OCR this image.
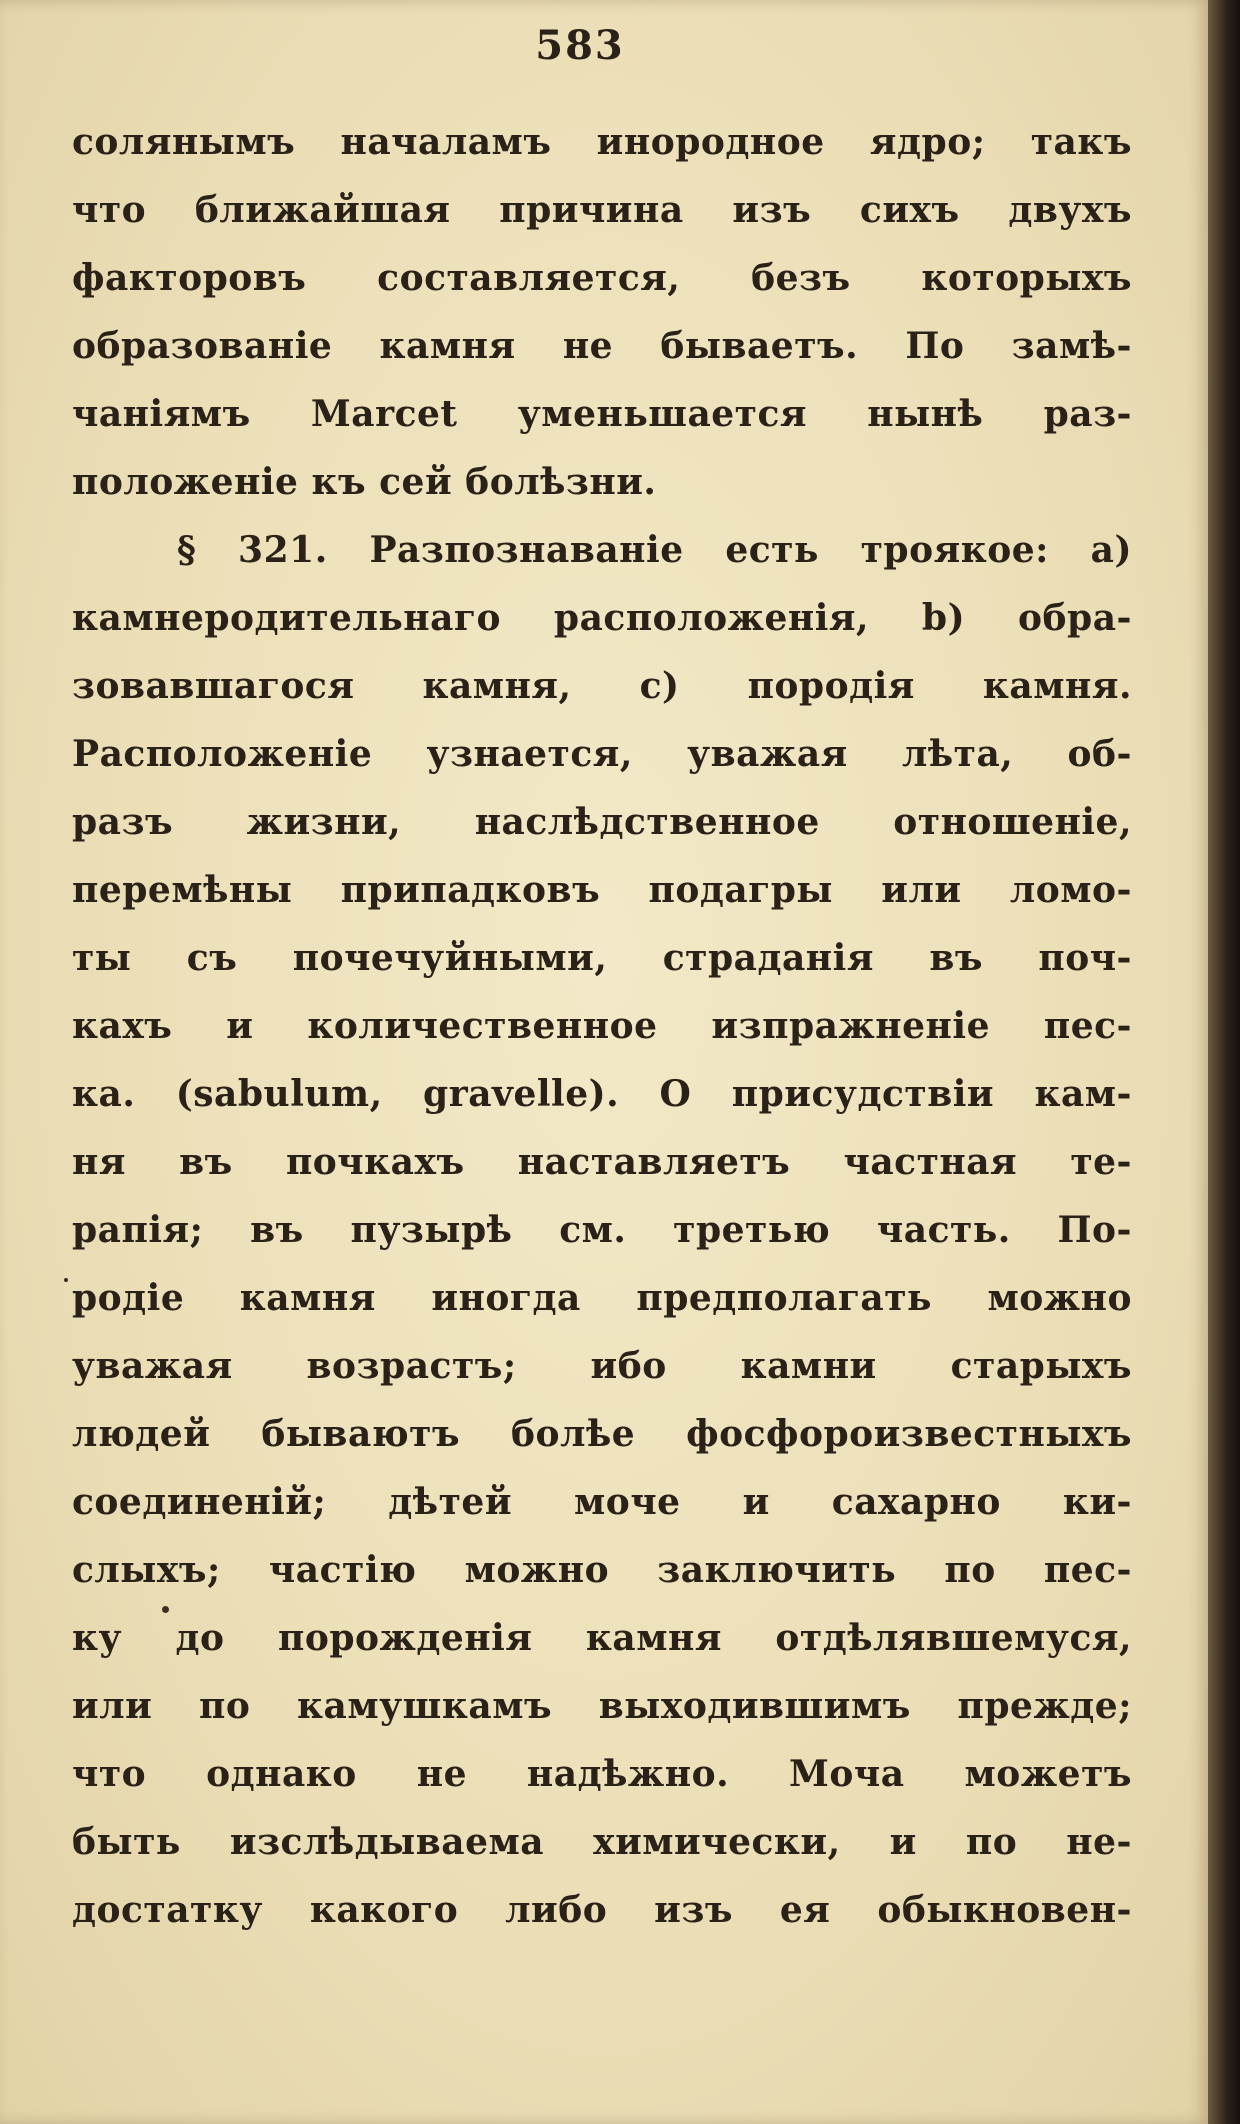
583
солянымъ началамъ инородное ядро; такъ
что ближайшая причина изъ сихъ двухъ
факторовъ составляется, безъ которыхъ
образованіе камня не бываетъ. По замѣ-
чаніямъ Marcet уменьшается нынѣ раз-
положеніе къ сей болѣзни.
§ 321. Разпознаваніе есть троякое: a)
камнеродительнаго расположенія, b) обра-
зовавшагося камня, c) породія камня.
Расположеніе узнается, уважая лѣта, об-
разъ жизни, наслѣдственное отношеніе,
перемѣны припадковъ подагры или ломо-
ты съ почечуйными, страданія въ поч-
кахъ и количественное изпражненіе пес-
ка. (sabulum, gravelle). О присудствіи кам-
ня въ почкахъ наставляетъ частная те-
рапія; въ пузырѣ см. третью часть. По-
родіе камня иногда предполагать можно
уважая возрастъ; ибо камни старыхъ
людей бываютъ болѣе фосфороизвестныхъ
соединеній; дѣтей моче и сахарно ки-
слыхъ; частію можно заключить по пес-
ку до порожденія камня отдѣлявшемуся,
или по камушкамъ выходившимъ прежде;
что однако не надѣжно. Моча можетъ
быть изслѣдываема химически, и по не-
достатку какого либо изъ ея обыкновен-
